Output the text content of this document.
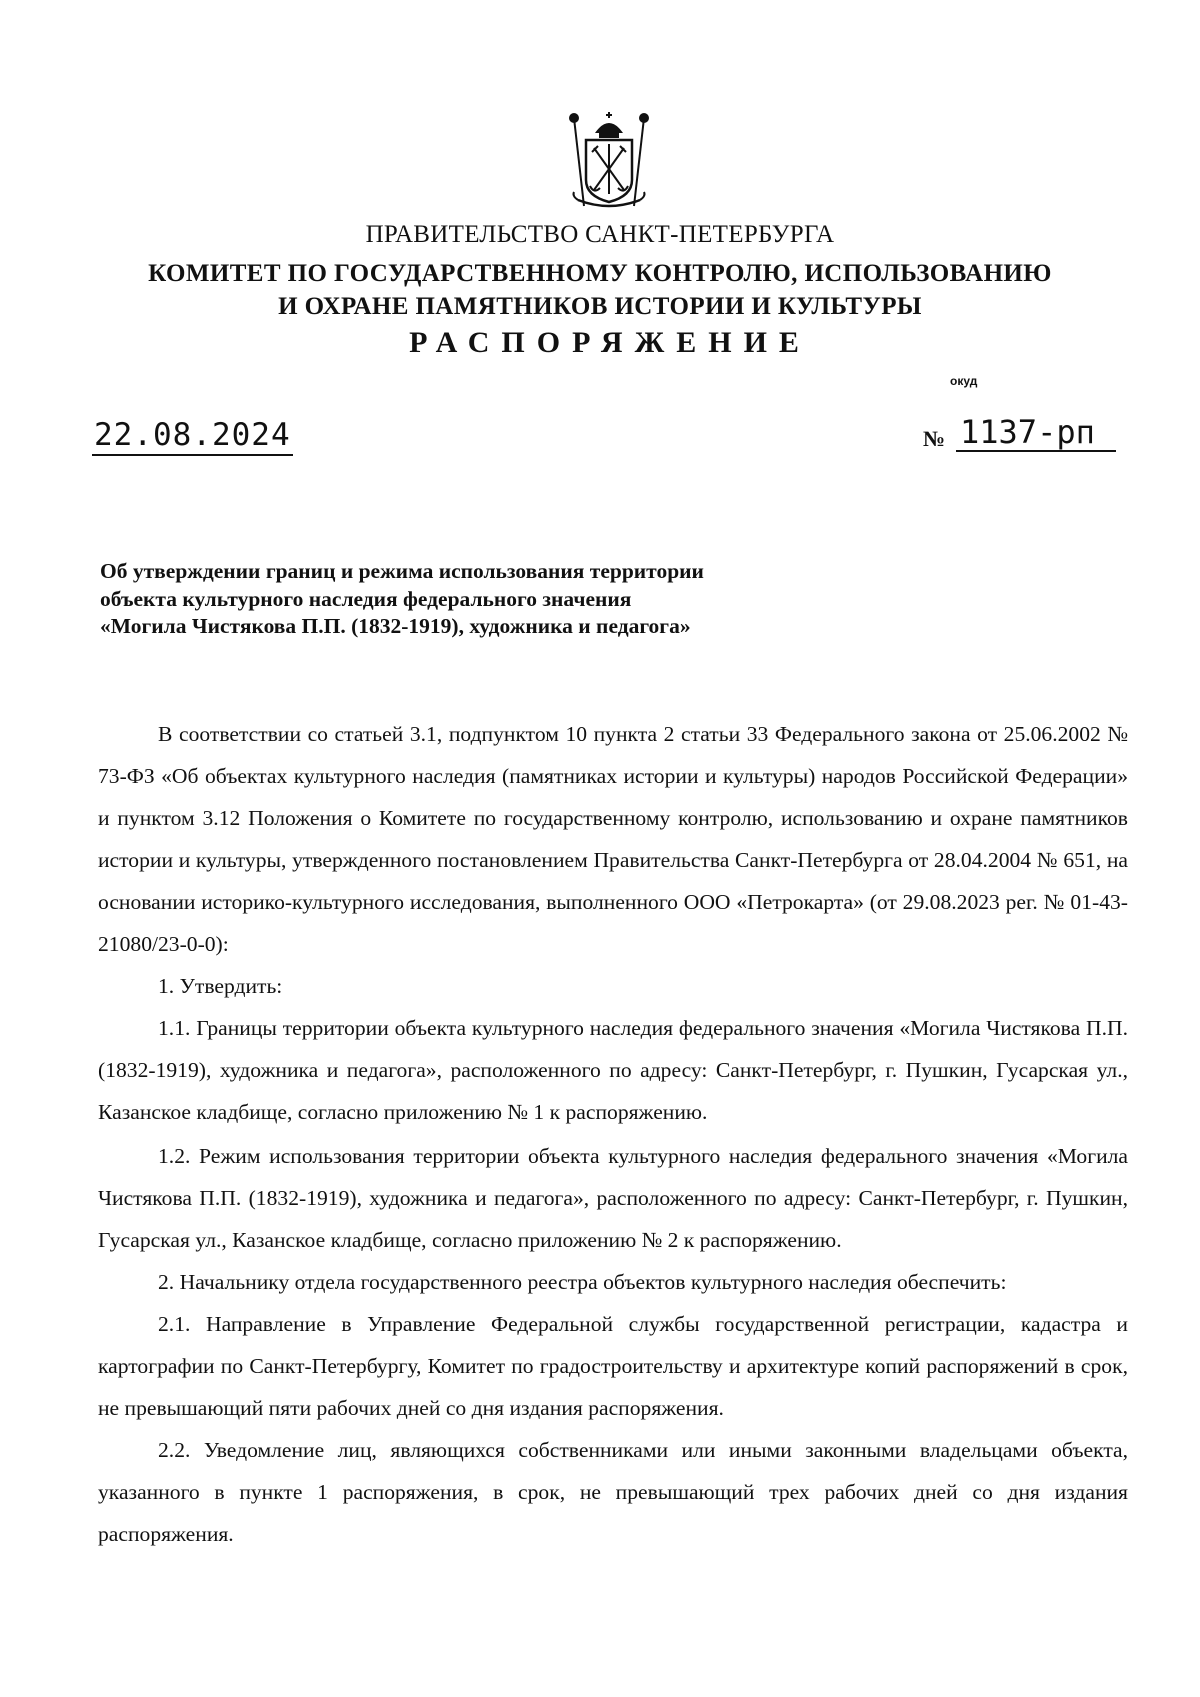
ПРАВИТЕЛЬСТВО САНКТ-ПЕТЕРБУРГА
КОМИТЕТ ПО ГОСУДАРСТВЕННОМУ КОНТРОЛЮ, ИСПОЛЬЗОВАНИЮ
И ОХРАНЕ ПАМЯТНИКОВ ИСТОРИИ И КУЛЬТУРЫ
РАСПОРЯЖЕНИЕ
окуд
22.08.2024	№ 1137-рп
Об утверждении границ и режима использования территории
объекта культурного наследия федерального значения
«Могила Чистякова П.П. (1832-1919), художника и педагога»

В соответствии со статьей 3.1, подпунктом 10 пункта 2 статьи 33 Федерального закона от 25.06.2002 № 73-ФЗ «Об объектах культурного наследия (памятниках истории и культуры) народов Российской Федерации» и пунктом 3.12 Положения о Комитете по государственному контролю, использованию и охране памятников истории и культуры, утвержденного постановлением Правительства Санкт-Петербурга от 28.04.2004 № 651, на основании историко-культурного исследования, выполненного ООО «Петрокарта» (от 29.08.2023 рег. № 01-43-21080/23-0-0):

1. Утвердить:

1.1. Границы территории объекта культурного наследия федерального значения «Могила Чистякова П.П. (1832-1919), художника и педагога», расположенного по адресу: Санкт-Петербург, г. Пушкин, Гусарская ул., Казанское кладбище, согласно приложению № 1 к распоряжению.

1.2. Режим использования территории объекта культурного наследия федерального значения «Могила Чистякова П.П. (1832-1919), художника и педагога», расположенного по адресу: Санкт-Петербург, г. Пушкин, Гусарская ул., Казанское кладбище, согласно приложению № 2 к распоряжению.

2. Начальнику отдела государственного реестра объектов культурного наследия обеспечить:

2.1. Направление в Управление Федеральной службы государственной регистрации, кадастра и картографии по Санкт-Петербургу, Комитет по градостроительству и архитектуре копий распоряжений в срок, не превышающий пяти рабочих дней со дня издания распоряжения.

2.2. Уведомление лиц, являющихся собственниками или иными законными владельцами объекта, указанного в пункте 1 распоряжения, в срок, не превышающий трех рабочих дней со дня издания распоряжения.
